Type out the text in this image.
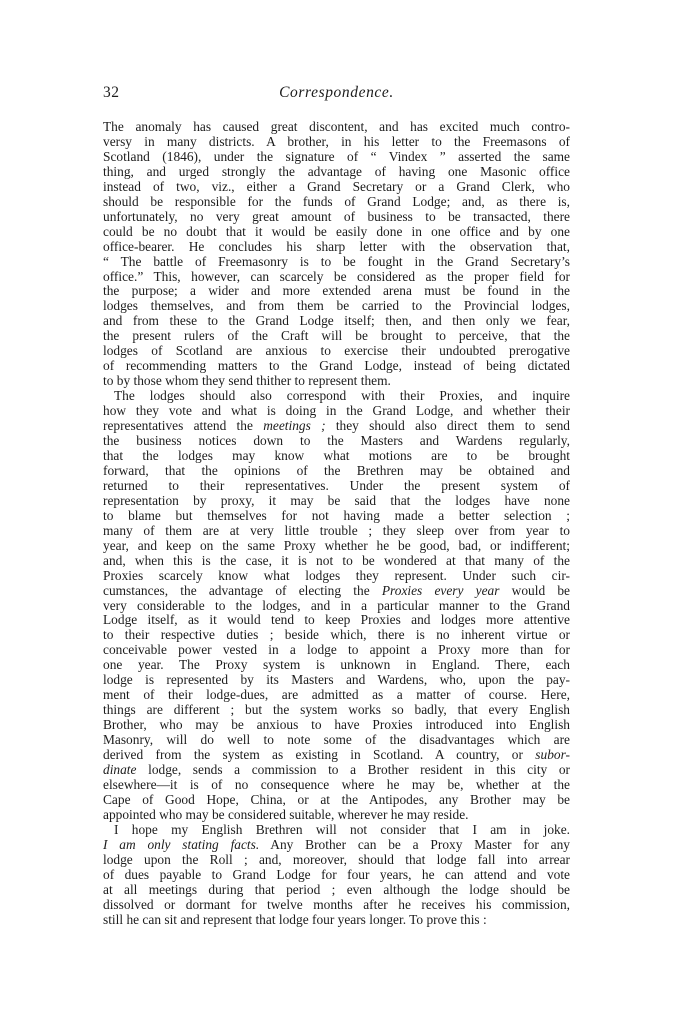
32	Correspondence.

The anomaly has caused great discontent, and has excited much contro-

versy in many districts. A brother, in his letter to the Freemasons of

Scotland (1846), under the signature of “ Vindex ” asserted the same

thing, and urged strongly the advantage of having one Masonic office

instead of two, viz., either a Grand Secretary or a Grand Clerk, who

should be responsible for the funds of Grand Lodge; and, as there is,

unfortunately, no very great amount of business to be transacted, there

could be no doubt that it would be easily done in one office and by one

office-bearer. He concludes his sharp letter with the observation that,

“ The battle of Freemasonry is to be fought in the Grand Secretary’s

office.” This, however, can scarcely be considered as the proper field for

the purpose; a wider and more extended arena must be found in the

lodges themselves, and from them be carried to the Provincial lodges,

and from these to the Grand Lodge itself; then, and then only we fear,

the present rulers of the Craft will be brought to perceive, that the

lodges of Scotland are anxious to exercise their undoubted prerogative

of recommending matters to the Grand Lodge, instead of being dictated

to by those whom they send thither to represent them.

The lodges should also correspond with their Proxies, and inquire

how they vote and what is doing in the Grand Lodge, and whether their

representatives attend the meetings ; they should also direct them to send

the business notices down to the Masters and Wardens regularly,

that the lodges may know what motions are to be brought

forward, that the opinions of the Brethren may be obtained and

returned to their representatives. Under the present system of

representation by proxy, it may be said that the lodges have none

to blame but themselves for not having made a better selection ;

many of them are at very little trouble ; they sleep over from year to

year, and keep on the same Proxy whether he be good, bad, or indifferent;

and, when this is the case, it is not to be wondered at that many of the

Proxies scarcely know what lodges they represent. Under such cir-

cumstances, the advantage of electing the Proxies every year would be

very considerable to the lodges, and in a particular manner to the Grand

Lodge itself, as it would tend to keep Proxies and lodges more attentive

to their respective duties ; beside which, there is no inherent virtue or

conceivable power vested in a lodge to appoint a Proxy more than for

one year. The Proxy system is unknown in England. There, each

lodge is represented by its Masters and Wardens, who, upon the pay-

ment of their lodge-dues, are admitted as a matter of course. Here,

things are different ; but the system works so badly, that every English

Brother, who may be anxious to have Proxies introduced into English

Masonry, will do well to note some of the disadvantages which are

derived from the system as existing in Scotland. A country, or subor-

dinate lodge, sends a commission to a Brother resident in this city or

elsewhere—it is of no consequence where he may be, whether at the

Cape of Good Hope, China, or at the Antipodes, any Brother may be

appointed who may be considered suitable, wherever he may reside.

I hope my English Brethren will not consider that I am in joke.

I am only stating facts. Any Brother can be a Proxy Master for any

lodge upon the Roll ; and, moreover, should that lodge fall into arrear

of dues payable to Grand Lodge for four years, he can attend and vote

at all meetings during that period ; even although the lodge should be

dissolved or dormant for twelve months after he receives his commission,

still he can sit and represent that lodge four years longer. To prove this :
